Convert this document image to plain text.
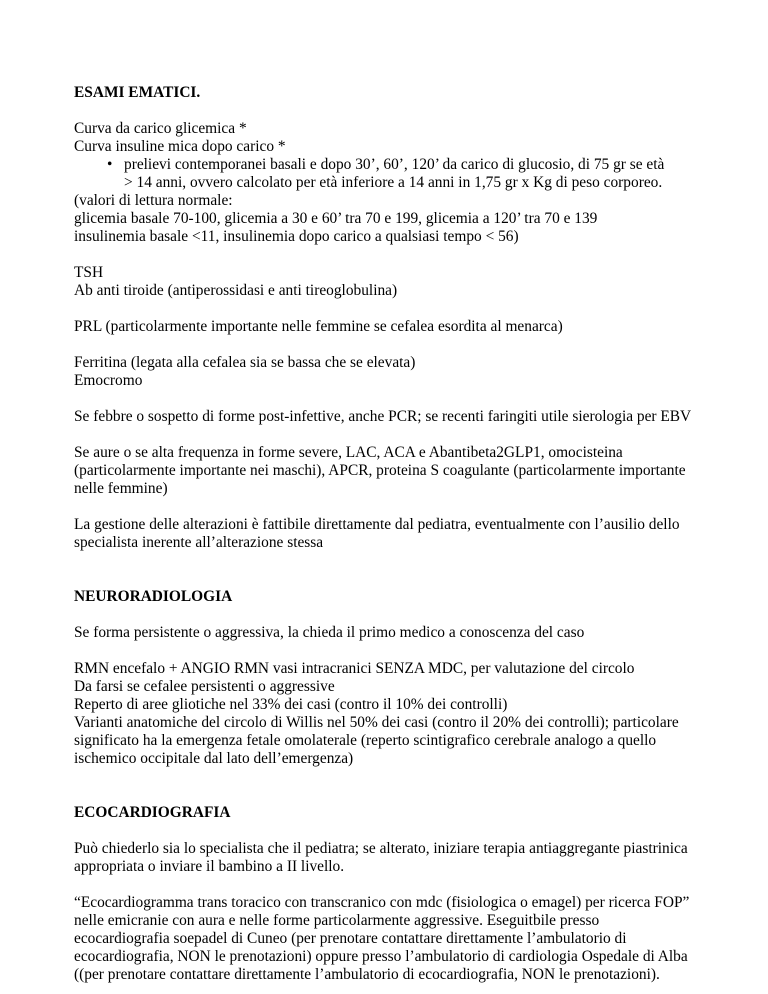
ESAMI EMATICI.
Curva da carico glicemica *
Curva insuline mica dopo carico *
• prelievi contemporanei basali e dopo 30’, 60’, 120’ da carico di glucosio, di 75 gr se età
> 14 anni, ovvero calcolato per età inferiore a 14 anni in 1,75 gr x Kg di peso corporeo.
(valori di lettura normale:
glicemia basale 70-100, glicemia a 30 e 60’ tra 70 e 199, glicemia a 120’ tra 70 e 139
insulinemia basale <11, insulinemia dopo carico a qualsiasi tempo < 56)
TSH
Ab anti tiroide (antiperossidasi e anti tireoglobulina)
PRL (particolarmente importante nelle femmine se cefalea esordita al menarca)
Ferritina (legata alla cefalea sia se bassa che se elevata)
Emocromo
Se febbre o sospetto di forme post-infettive, anche PCR; se recenti faringiti utile sierologia per EBV
Se aure o se alta frequenza in forme severe, LAC, ACA e Abantibeta2GLP1, omocisteina
(particolarmente importante nei maschi), APCR, proteina S coagulante (particolarmente importante
nelle femmine)
La gestione delle alterazioni è fattibile direttamente dal pediatra, eventualmente con l’ausilio dello
specialista inerente all’alterazione stessa
NEURORADIOLOGIA
Se forma persistente o aggressiva, la chieda il primo medico a conoscenza del caso
RMN encefalo + ANGIO RMN vasi intracranici SENZA MDC, per valutazione del circolo
Da farsi se cefalee persistenti o aggressive
Reperto di aree gliotiche nel 33% dei casi (contro il 10% dei controlli)
Varianti anatomiche del circolo di Willis nel 50% dei casi (contro il 20% dei controlli); particolare
significato ha la emergenza fetale omolaterale (reperto scintigrafico cerebrale analogo a quello
ischemico occipitale dal lato dell’emergenza)
ECOCARDIOGRAFIA
Può chiederlo sia lo specialista che il pediatra; se alterato, iniziare terapia antiaggregante piastrinica
appropriata o inviare il bambino a II livello.
“Ecocardiogramma trans toracico con transcranico con mdc (fisiologica o emagel) per ricerca FOP”
nelle emicranie con aura e nelle forme particolarmente aggressive. Eseguitbile presso
ecocardiografia soepadel di Cuneo (per prenotare contattare direttamente l’ambulatorio di
ecocardiografia, NON le prenotazioni) oppure presso l’ambulatorio di cardiologia Ospedale di Alba
((per prenotare contattare direttamente l’ambulatorio di ecocardiografia, NON le prenotazioni).
